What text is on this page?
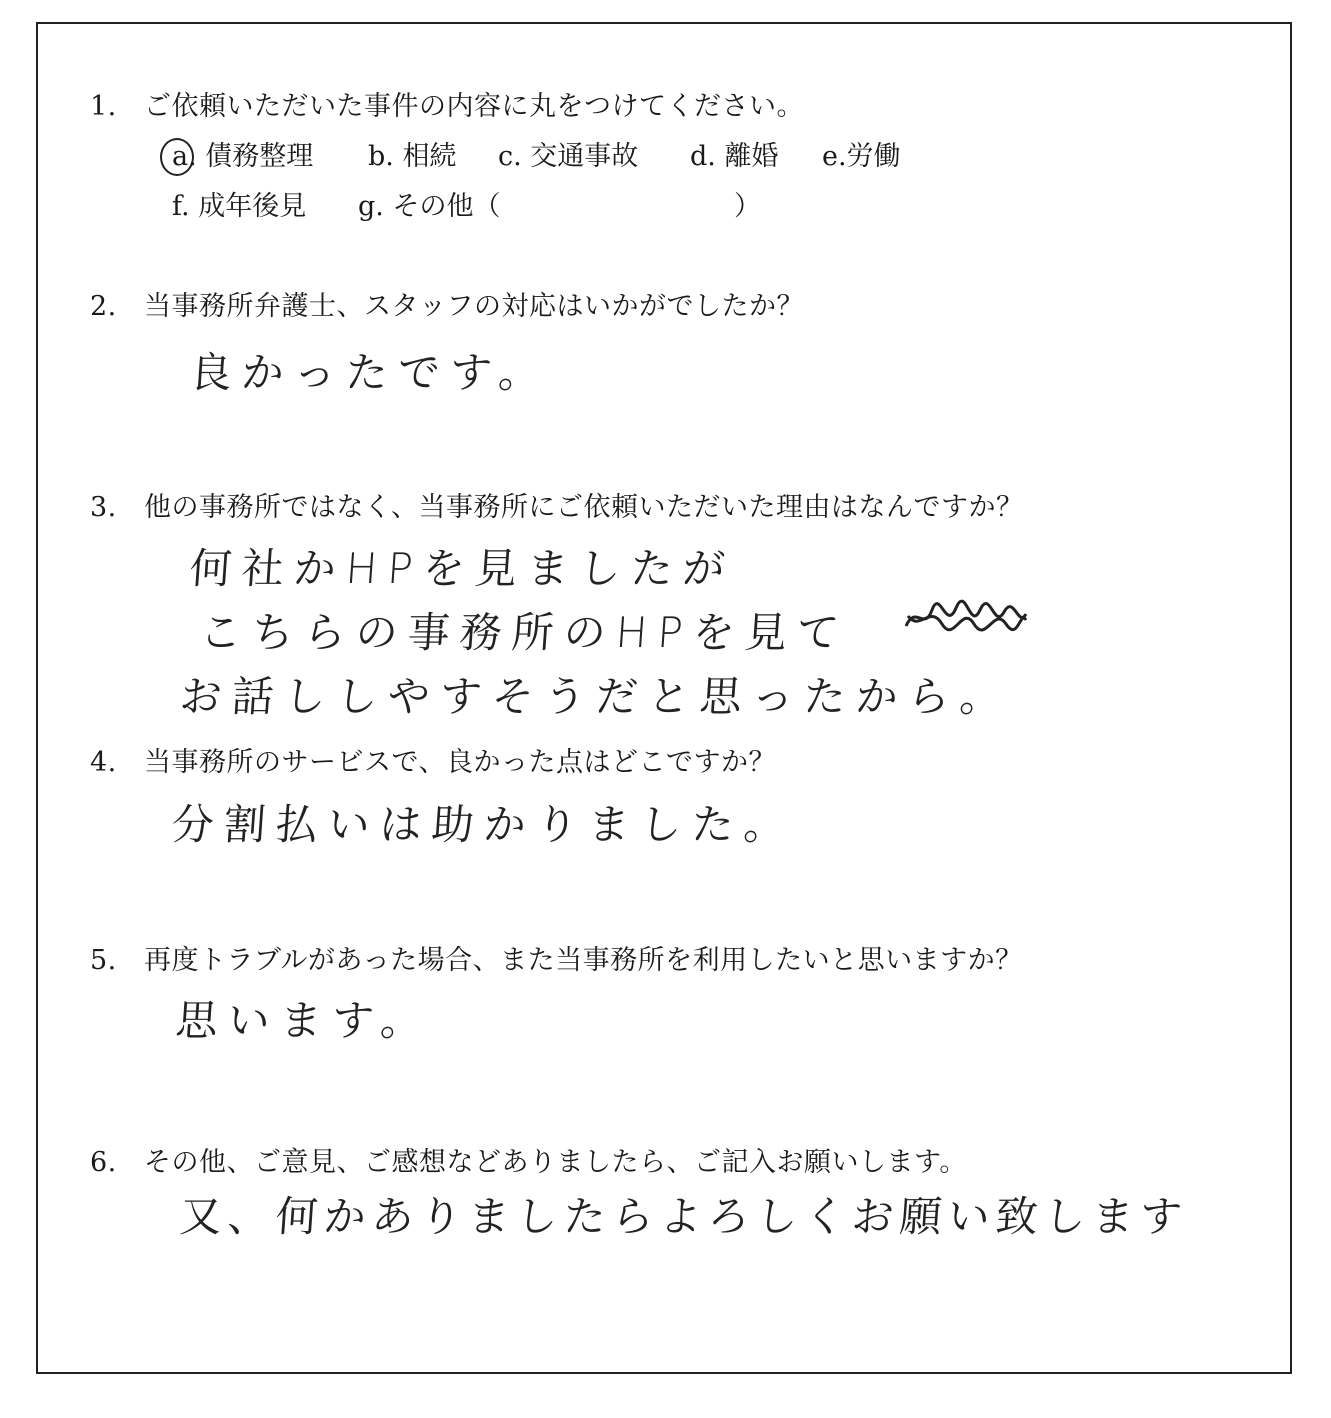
1. ご依頼いただいた事件の内容に丸をつけてください。
a. 債務整理 b. 相続 c. 交通事故 d. 離婚 e.労働
f. 成年後見 g. その他（	）
2. 当事務所弁護士、スタッフの対応はいかがでしたか？
良かったです。
3. 他の事務所ではなく、当事務所にご依頼いただいた理由はなんですか？
何社かHPを見ましたが
こちらの事務所のHPを見て
お話ししやすそうだと思ったから。
4. 当事務所のサービスで、良かった点はどこですか？
分割払いは助かりました。
5. 再度トラブルがあった場合、また当事務所を利用したいと思いますか？
思います。
6. その他、ご意見、ご感想などありましたら、ご記入お願いします。
又、何かありましたらよろしくお願い致します
